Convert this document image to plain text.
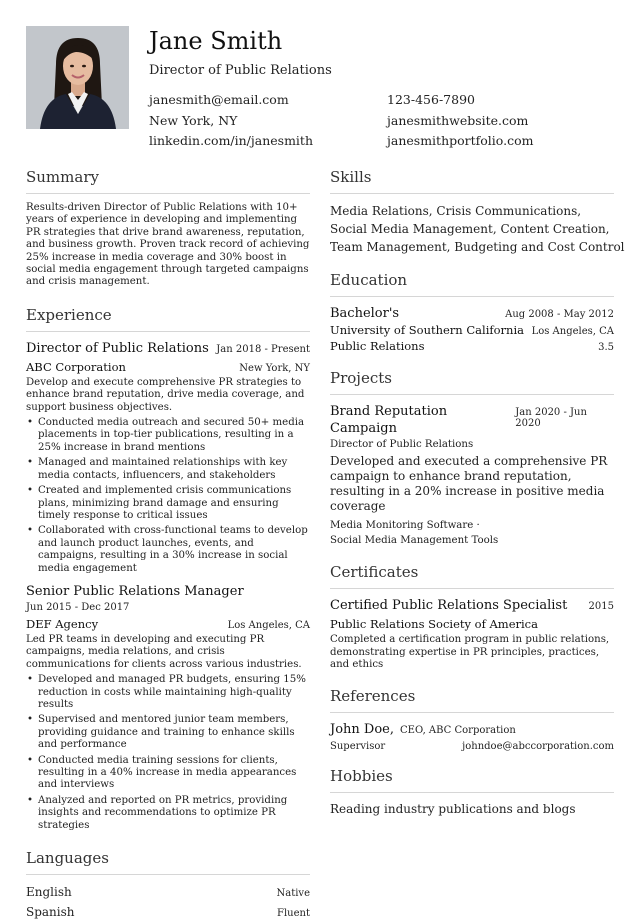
Jane Smith
Director of Public Relations
janesmith@email.com
New York, NY
linkedin.com/in/janesmith
123-456-7890
janesmithwebsite.com
janesmithportfolio.com
Summary
Results-driven Director of Public Relations with 10+ years of experience in developing and implementing PR strategies that drive brand awareness, reputation, and business growth. Proven track record of achieving 25% increase in media coverage and 30% boost in social media engagement through targeted campaigns and crisis management.
Experience
Director of Public Relations Jan 2018 - Present
ABC Corporation	New York, NY
Develop and execute comprehensive PR strategies to enhance brand reputation, drive media coverage, and support business objectives.
• Conducted media outreach and secured 50+ media placements in top-tier publications, resulting in a 25% increase in brand mentions
• Managed and maintained relationships with key media contacts, influencers, and stakeholders
• Created and implemented crisis communications plans, minimizing brand damage and ensuring timely response to critical issues
• Collaborated with cross-functional teams to develop and launch product launches, events, and campaigns, resulting in a 30% increase in social media engagement
Senior Public Relations Manager
Jun 2015 - Dec 2017
DEF Agency	Los Angeles, CA
Led PR teams in developing and executing PR campaigns, media relations, and crisis communications for clients across various industries.
• Developed and managed PR budgets, ensuring 15% reduction in costs while maintaining high-quality results
• Supervised and mentored junior team members, providing guidance and training to enhance skills and performance
• Conducted media training sessions for clients, resulting in a 40% increase in media appearances and interviews
• Analyzed and reported on PR metrics, providing insights and recommendations to optimize PR strategies
Languages
English	Native
Spanish	Fluent
Skills
Media Relations, Crisis Communications,
Social Media Management, Content Creation,
Team Management, Budgeting and Cost Control
Education
Bachelor's	Aug 2008 - May 2012
University of Southern California Los Angeles, CA
Public Relations	3.5
Projects
Brand Reputation Campaign
Jan 2020 - Jun 2020
Director of Public Relations
Developed and executed a comprehensive PR campaign to enhance brand reputation, resulting in a 20% increase in positive media coverage
Media Monitoring Software ·
Social Media Management Tools
Certificates
Certified Public Relations Specialist 2015
Public Relations Society of America
Completed a certification program in public relations, demonstrating expertise in PR principles, practices, and ethics
References
John Doe, CEO, ABC Corporation
Supervisor	johndoe@abccorporation.com
Hobbies
Reading industry publications and blogs
